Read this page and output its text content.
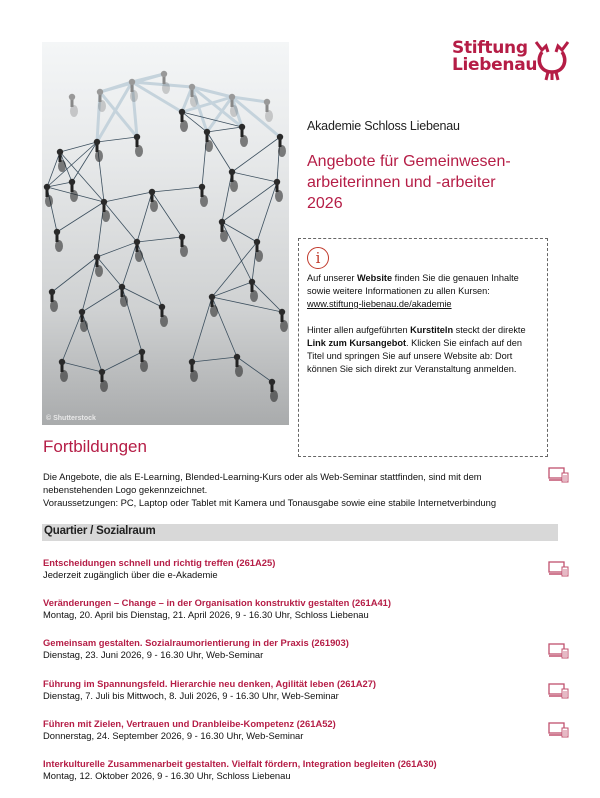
Stiftung
Liebenau
© Shutterstock
Akademie Schloss Liebenau
Angebote für Gemeinwesen-
arbeiterinnen und -arbeiter
2026
i

Auf unserer Website finden Sie die genauen Inhalte sowie weitere Informationen zu allen Kursen:
www.stiftung-liebenau.de/akademie

Hinter allen aufgeführten Kurstiteln steckt der direkte Link zum Kursangebot. Klicken Sie einfach auf den Titel und springen Sie auf unsere Website ab: Dort können Sie sich direkt zur Veranstaltung anmelden.

Fortbildungen
Die Angebote, die als E-Learning, Blended-Learning-Kurs oder als Web-Seminar stattfinden, sind mit dem
nebenstehenden Logo gekennzeichnet.
Voraussetzungen: PC, Laptop oder Tablet mit Kamera und Tonausgabe sowie eine stabile Internetverbindung
Quartier / Sozialraum
Entscheidungen schnell und richtig treffen (261A25)
Jederzeit zugänglich über die e-Akademie
Veränderungen – Change – in der Organisation konstruktiv gestalten (261A41)
Montag, 20. April bis Dienstag, 21. April 2026, 9 - 16.30 Uhr, Schloss Liebenau
Gemeinsam gestalten. Sozialraumorientierung in der Praxis (261903)
Dienstag, 23. Juni 2026, 9 - 16.30 Uhr, Web-Seminar
Führung im Spannungsfeld. Hierarchie neu denken, Agilität leben (261A27)
Dienstag, 7. Juli bis Mittwoch, 8. Juli 2026, 9 - 16.30 Uhr, Web-Seminar
Führen mit Zielen, Vertrauen und Dranbleibe-Kompetenz (261A52)
Donnerstag, 24. September 2026, 9 - 16.30 Uhr, Web-Seminar
Interkulturelle Zusammenarbeit gestalten. Vielfalt fördern, Integration begleiten (261A30)
Montag, 12. Oktober 2026, 9 - 16.30 Uhr, Schloss Liebenau
